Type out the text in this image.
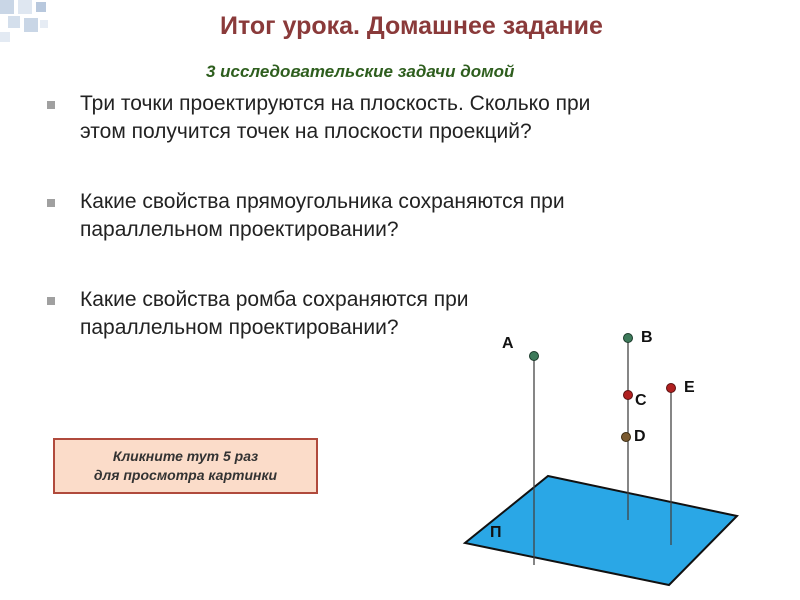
Итог урока. Домашнее задание
3 исследовательские задачи домой
Три точки проектируются на плоскость. Сколько при
этом получится точек на плоскости проекций?
Какие свойства прямоугольника сохраняются при
параллельном проектировании?
Какие свойства ромба сохраняются при
параллельном проектировании?
Кликните тут 5 раз
для просмотра картинки
A	B
C
D
E
П
